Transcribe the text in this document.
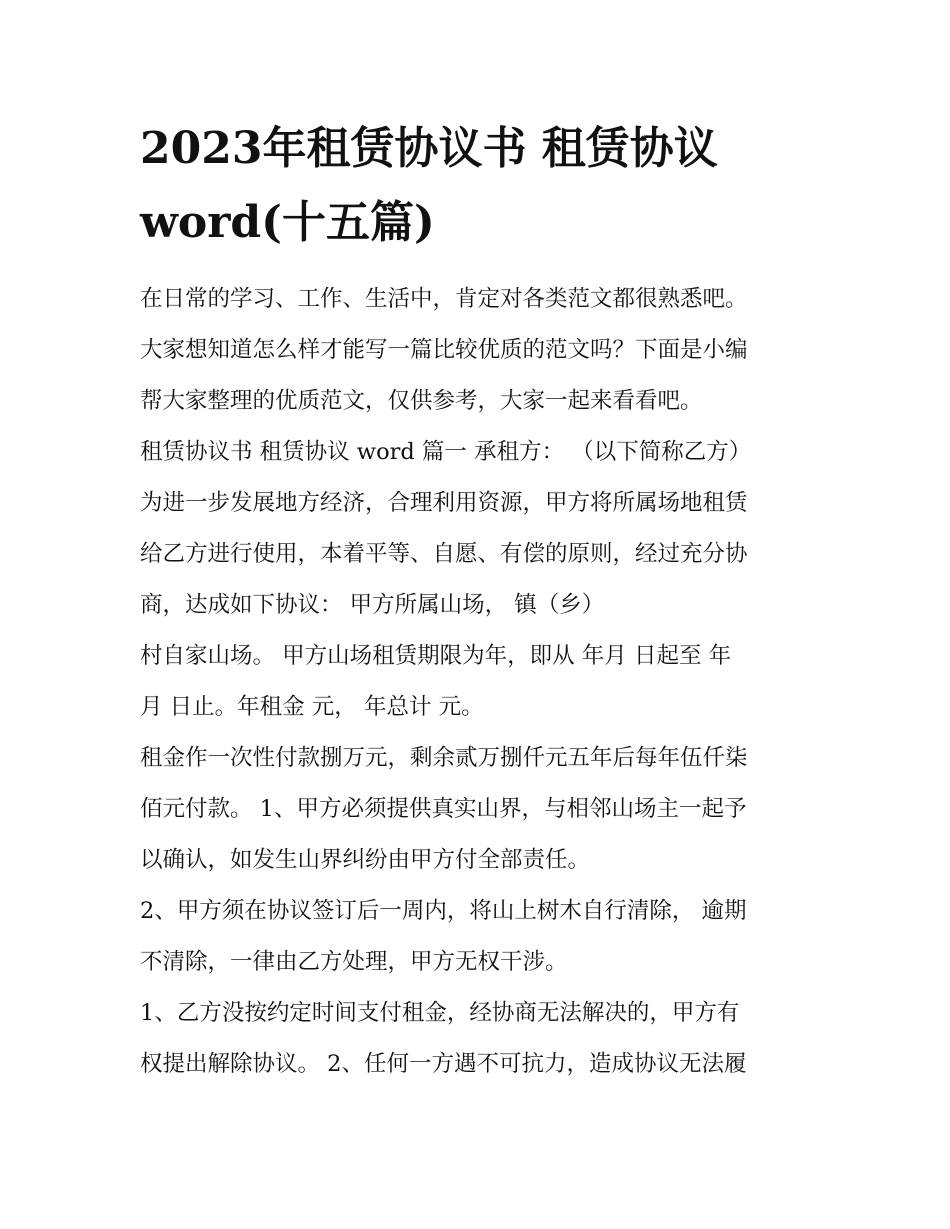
2023年租赁协议书 租赁协议
word(十五篇)
在日常的学习、工作、生活中，肯定对各类范文都很熟悉吧。
大家想知道怎么样才能写一篇比较优质的范文吗？下面是小编
帮大家整理的优质范文，仅供参考，大家一起来看看吧。
租赁协议书 租赁协议 word 篇一 承租方： （以下简称乙方）
为进一步发展地方经济，合理利用资源，甲方将所属场地租赁
给乙方进行使用，本着平等、自愿、有偿的原则，经过充分协
商，达成如下协议： 甲方所属山场， 镇（乡）
村自家山场。 甲方山场租赁期限为年，即从 年月 日起至 年
月 日止。年租金 元， 年总计 元。
租金作一次性付款捌万元，剩余贰万捌仟元五年后每年伍仟柒
佰元付款。 1、甲方必须提供真实山界，与相邻山场主一起予
以确认，如发生山界纠纷由甲方付全部责任。
2、甲方须在协议签订后一周内，将山上树木自行清除， 逾期
不清除，一律由乙方处理，甲方无权干涉。
1、乙方没按约定时间支付租金，经协商无法解决的，甲方有
权提出解除协议。 2、任何一方遇不可抗力，造成协议无法履
